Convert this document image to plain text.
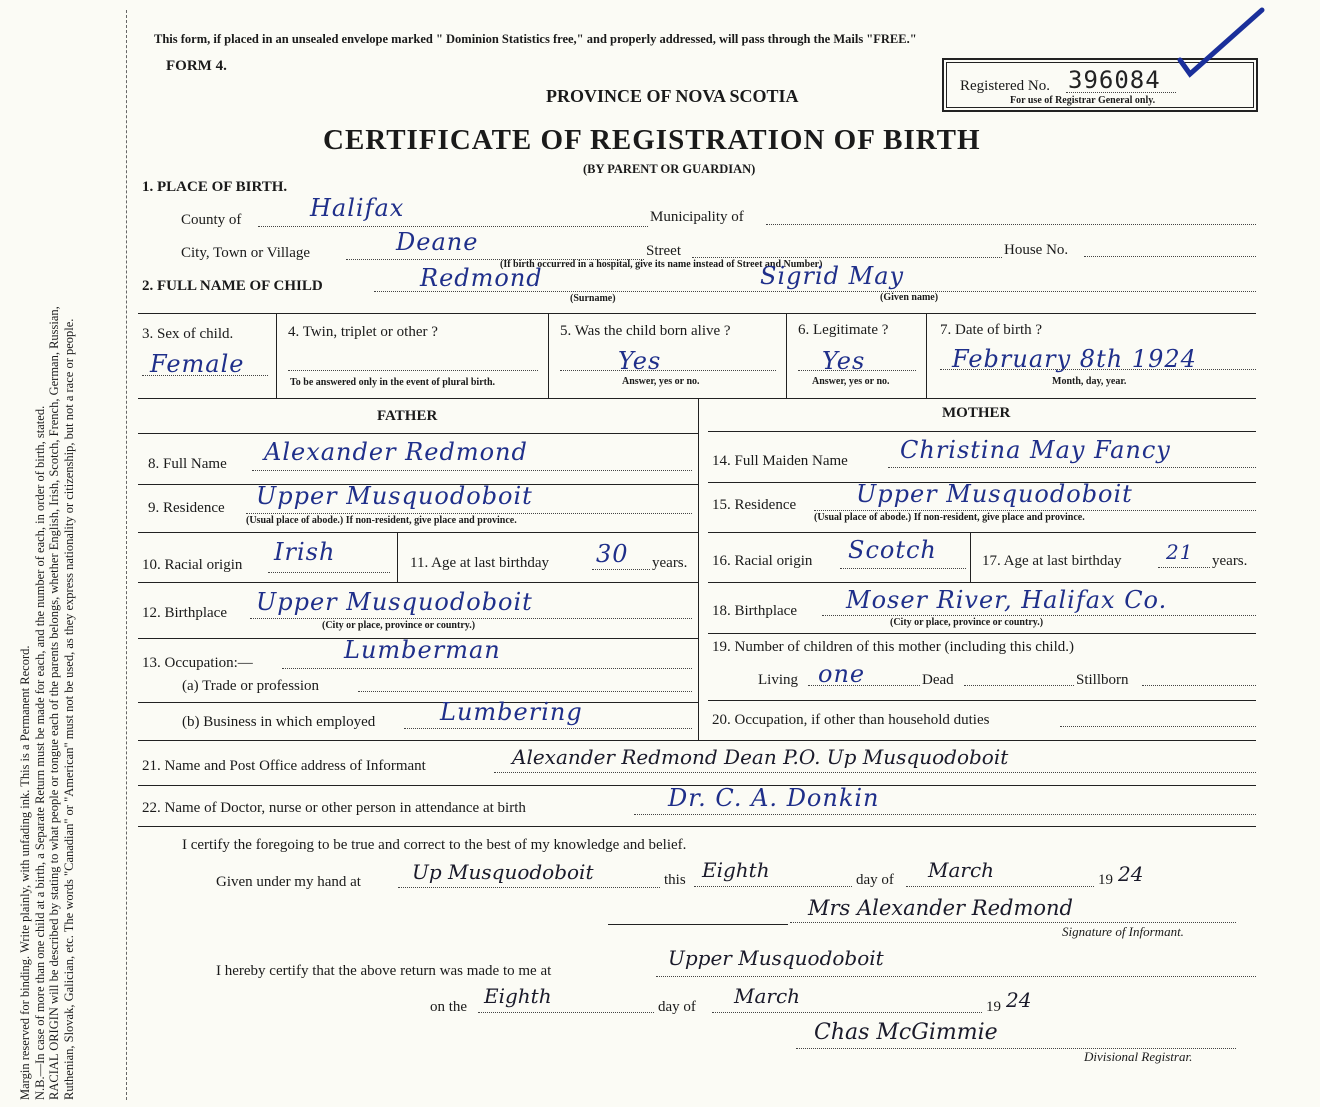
Margin reserved for binding. Write plainly, with unfading ink. This is a Permanent Record. N.B.—In case of more than one child at a birth, a Separate Return must be made for each, and the number of each, in order of birth, stated. RACIAL ORIGIN will be described by stating to what people or tongue each of the parents belongs, whether English, Irish, Scotch, French, German, Russian, Ruthenian, Slovak, Galician, etc. The words "Canadian" or "American" must not be used, as they express nationality or citizenship, but not a race or people.
This form, if placed in an unsealed envelope marked " Dominion Statistics free," and properly addressed, will pass through the Mails "FREE."
FORM 4.
PROVINCE OF NOVA SCOTIA
CERTIFICATE OF REGISTRATION OF BIRTH
(BY PARENT OR GUARDIAN)
Registered No. 396084
For use of Registrar General only.
1. PLACE OF BIRTH.
County of	Halifax	Municipality of
City, Town or Village	Deane	Street	House No.
(If birth occurred in a hospital, give its name instead of Street and Number)
2. FULL NAME OF CHILD	Redmond	Sigrid May
(Surname)	(Given name)
3. Sex of child.
Female
4. Twin, triplet or other ?
To be answered only in the event of plural birth.
5. Was the child born alive ?
Yes
Answer, yes or no.
6. Legitimate ?
Yes
Answer, yes or no.
7. Date of birth ?
February 8th 1924
Month, day, year.
FATHER	MOTHER
8. Full Name Alexander Redmond
9. Residence Upper Musquodoboit
(Usual place of abode.) If non-resident, give place and province.
10. Racial origin Irish	11. Age at last birthday 30 years.
12. Birthplace Upper Musquodoboit
(City or place, province or country.)
13. Occupation:—	Lumberman
(a) Trade or profession
(b) Business in which employed	Lumbering
14. Full Maiden Name Christina May Fancy
15. Residence Upper Musquodoboit
(Usual place of abode.) If non-resident, give place and province.
16. Racial origin Scotch	17. Age at last birthday 21 years.
18. Birthplace Moser River, Halifax Co.
(City or place, province or country.)
19. Number of children of this mother (including this child.)
Living one	Dead	Stillborn
20. Occupation, if other than household duties
21. Name and Post Office address of Informant	Alexander Redmond Dean P.O. Up Musquodoboit
22. Name of Doctor, nurse or other person in attendance at birth	Dr. C. A. Donkin
I certify the foregoing to be true and correct to the best of my knowledge and belief.
Given under my hand at	Up Musquodoboit	this Eighth	day of March	19 24
Mrs Alexander Redmond
Signature of Informant.
I hereby certify that the above return was made to me at
Upper Musquodoboit
on the Eighth	day of March	19 24
Chas McGimmie
Divisional Registrar.
